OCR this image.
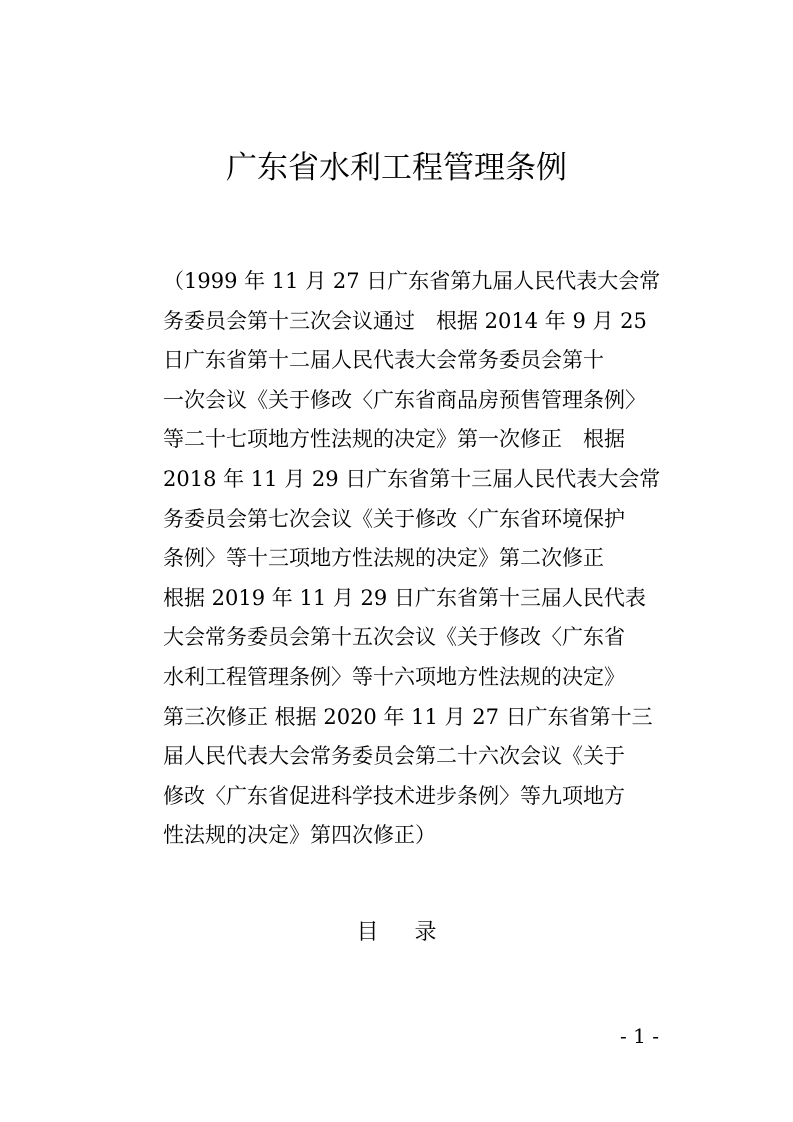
广东省水利工程管理条例
（1999 年 11 月 27 日广东省第九届人民代表大会常
务委员会第十三次会议通过　根据 2014 年 9 月 25
日广东省第十二届人民代表大会常务委员会第十
一次会议《关于修改〈广东省商品房预售管理条例〉
等二十七项地方性法规的决定》第一次修正　根据
2018 年 11 月 29 日广东省第十三届人民代表大会常
务委员会第七次会议《关于修改〈广东省环境保护
条例〉等十三项地方性法规的决定》第二次修正
根据 2019 年 11 月 29 日广东省第十三届人民代表
大会常务委员会第十五次会议《关于修改〈广东省
水利工程管理条例〉等十六项地方性法规的决定》
第三次修正 根据 2020 年 11 月 27 日广东省第十三
届人民代表大会常务委员会第二十六次会议《关于
修改〈广东省促进科学技术进步条例〉等九项地方
性法规的决定》第四次修正）
目 录
- 1 -
